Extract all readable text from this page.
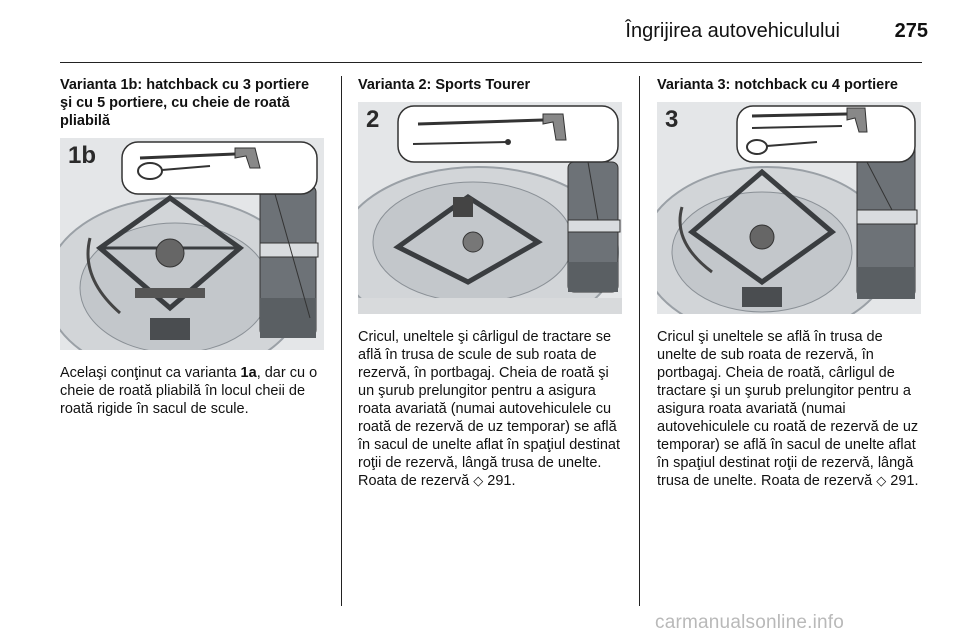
Îngrijirea autovehiculului	275

Varianta 1b: hatchback cu 3 portiere şi cu 5 portiere, cu cheie de roată pliabilă

1b

Acelaşi conţinut ca varianta 1a, dar cu o cheie de roată pliabilă în locul cheii de roată rigide în sacul de scule.

Varianta 2: Sports Tourer

2

Cricul, uneltele şi cârligul de tractare se află în trusa de scule de sub roata de rezervă, în portbagaj. Cheia de roată şi un şurub prelungitor pentru a asigura roata avariată (numai autovehiculele cu roată de rezervă de uz temporar) se află în sacul de unelte aflat în spaţiul destinat roţii de rezervă, lângă trusa de unelte. Roata de rezervă ◇ 291.

Varianta 3: notchback cu 4 portiere

3

Cricul şi uneltele se află în trusa de unelte de sub roata de rezervă, în portbagaj. Cheia de roată, cârligul de tractare şi un şurub prelungitor pentru a asigura roata avariată (numai autovehiculele cu roată de rezervă de uz temporar) se află în sacul de unelte aflat în spaţiul destinat roţii de rezervă, lângă trusa de unelte. Roata de rezervă ◇ 291.

carmanualsonline.info
